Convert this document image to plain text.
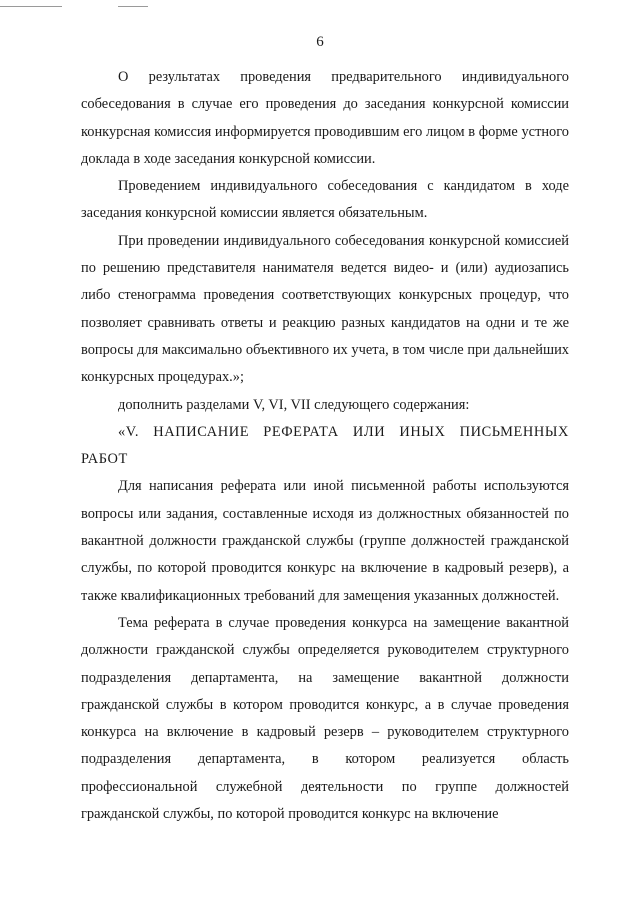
6

О результатах проведения предварительного индивидуального собеседования в случае его проведения до заседания конкурсной комиссии конкурсная комиссия информируется проводившим его лицом в форме устного доклада в ходе заседания конкурсной комиссии.

Проведением индивидуального собеседования с кандидатом в ходе заседания конкурсной комиссии является обязательным.

При проведении индивидуального собеседования конкурсной комиссией по решению представителя нанимателя ведется видео- и (или) аудиозапись либо стенограмма проведения соответствующих конкурсных процедур, что позволяет сравнивать ответы и реакцию разных кандидатов на одни и те же вопросы для максимально объективного их учета, в том числе при дальнейших конкурсных процедурах.»;

дополнить разделами V, VI, VII следующего содержания:

«V. НАПИСАНИЕ РЕФЕРАТА ИЛИ ИНЫХ ПИСЬМЕННЫХ РАБОТ

Для написания реферата или иной письменной работы используются вопросы или задания, составленные исходя из должностных обязанностей по вакантной должности гражданской службы (группе должностей гражданской службы, по которой проводится конкурс на включение в кадровый резерв), а также квалификационных требований для замещения указанных должностей.

Тема реферата в случае проведения конкурса на замещение вакантной должности гражданской службы определяется руководителем структурного подразделения департамента, на замещение вакантной должности гражданской службы в котором проводится конкурс, а в случае проведения конкурса на включение в кадровый резерв – руководителем структурного подразделения департамента, в котором реализуется область профессиональной служебной деятельности по группе должностей гражданской службы, по которой проводится конкурс на включение
